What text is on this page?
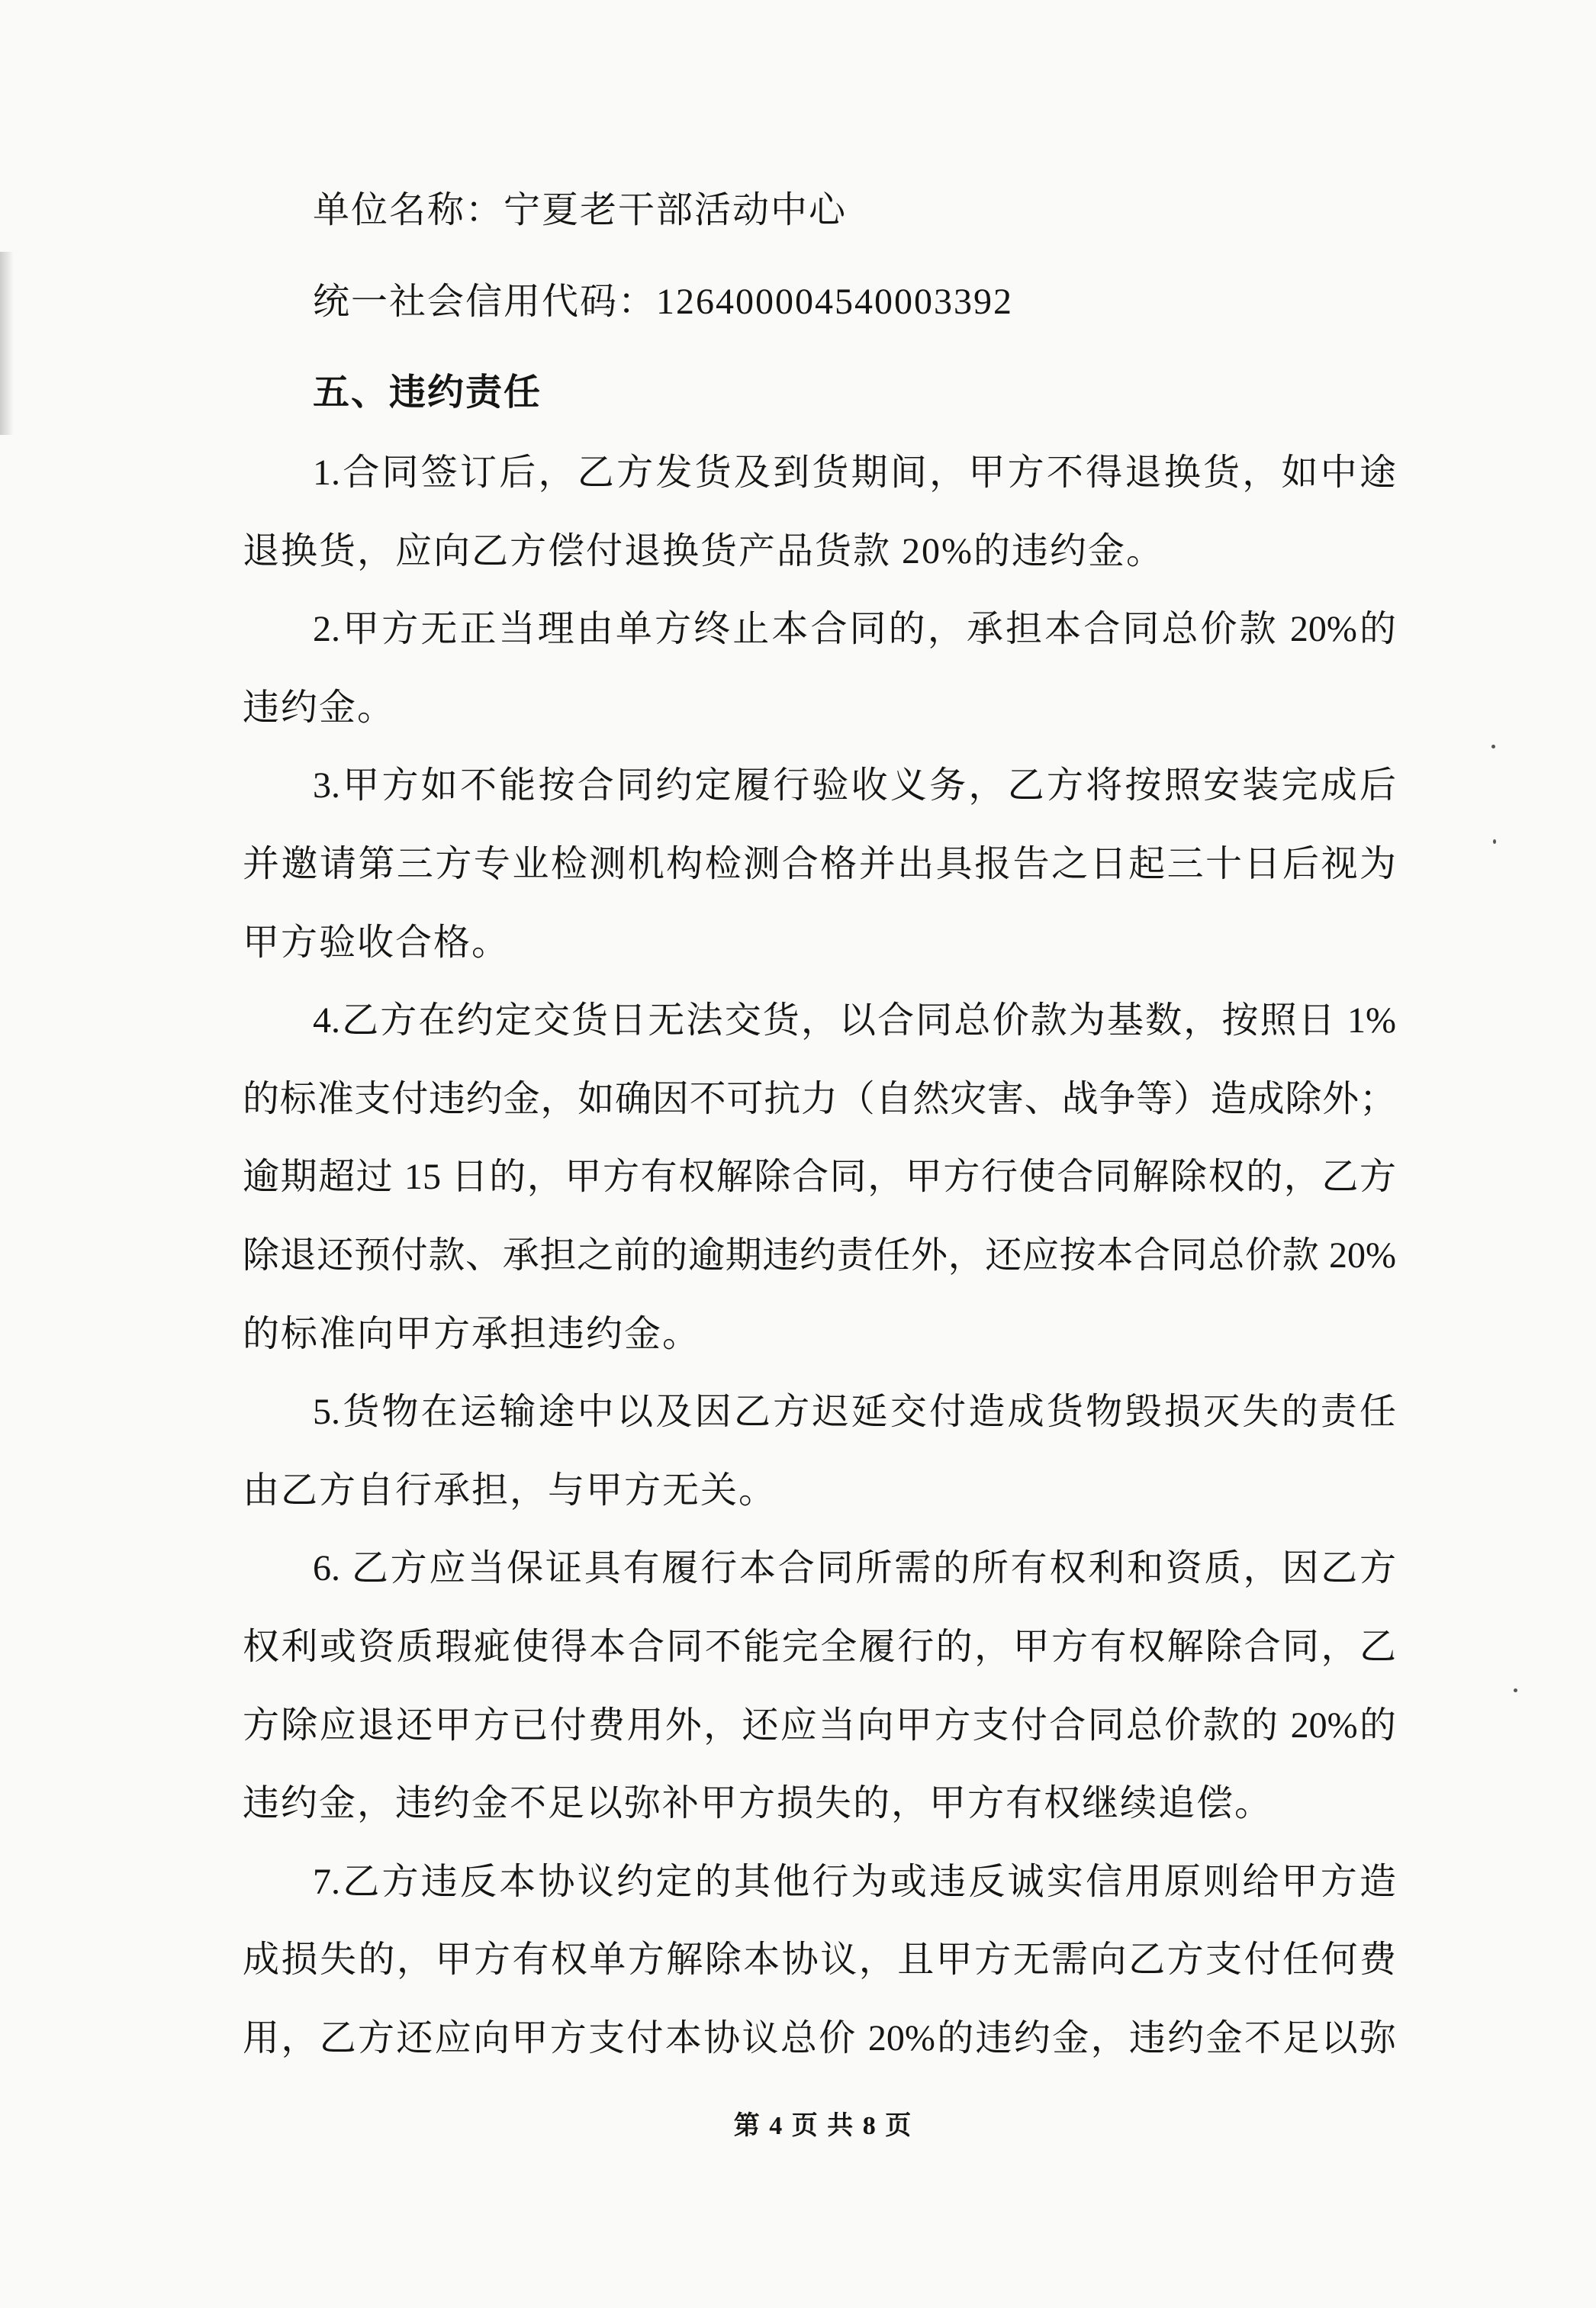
单位名称：宁夏老干部活动中心
统一社会信用代码：126400004540003392
五、违约责任
1.合同签订后，乙方发货及到货期间，甲方不得退换货，如中途
退换货，应向乙方偿付退换货产品货款 20%的违约金。
2.甲方无正当理由单方终止本合同的，承担本合同总价款 20%的
违约金。
3.甲方如不能按合同约定履行验收义务，乙方将按照安装完成后
并邀请第三方专业检测机构检测合格并出具报告之日起三十日后视为
甲方验收合格。
4.乙方在约定交货日无法交货，以合同总价款为基数，按照日 1%
的标准支付违约金，如确因不可抗力（自然灾害、战争等）造成除外；
逾期超过 15 日的，甲方有权解除合同，甲方行使合同解除权的，乙方
除退还预付款、承担之前的逾期违约责任外，还应按本合同总价款 20%
的标准向甲方承担违约金。
5.货物在运输途中以及因乙方迟延交付造成货物毁损灭失的责任
由乙方自行承担，与甲方无关。
6. 乙方应当保证具有履行本合同所需的所有权利和资质，因乙方
权利或资质瑕疵使得本合同不能完全履行的，甲方有权解除合同，乙
方除应退还甲方已付费用外，还应当向甲方支付合同总价款的 20%的
违约金，违约金不足以弥补甲方损失的，甲方有权继续追偿。
7.乙方违反本协议约定的其他行为或违反诚实信用原则给甲方造
成损失的，甲方有权单方解除本协议，且甲方无需向乙方支付任何费
用，乙方还应向甲方支付本协议总价 20%的违约金，违约金不足以弥
第 4 页 共 8 页
